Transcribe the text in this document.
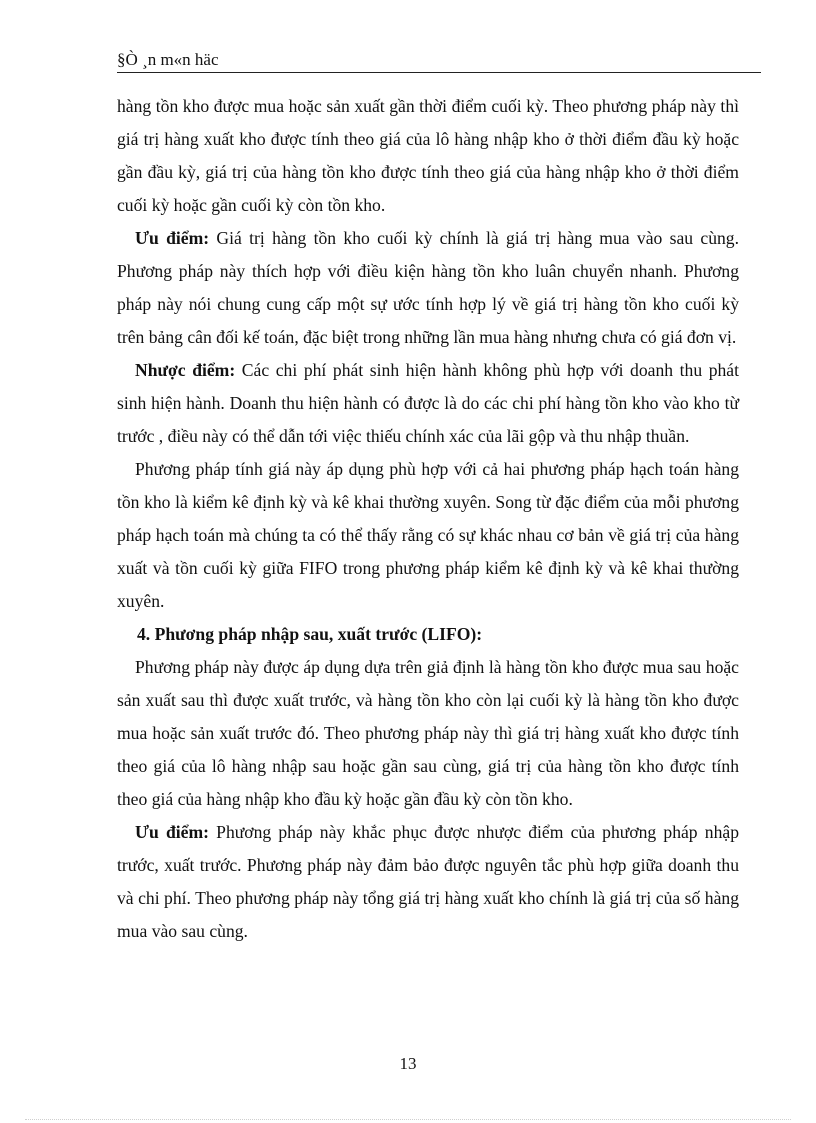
§Ò ¸n m«n häc

hàng tồn kho được mua hoặc sản xuất gần thời điểm cuối kỳ. Theo phương pháp này thì giá trị hàng xuất kho được tính theo giá của lô hàng nhập kho ở thời điểm đầu kỳ hoặc gần đầu kỳ, giá trị của hàng tồn kho được tính theo giá của hàng nhập kho ở thời điểm cuối kỳ hoặc gần cuối kỳ còn tồn kho.

Ưu điểm: Giá trị hàng tồn kho cuối kỳ chính là giá trị hàng mua vào sau cùng. Phương pháp này thích hợp với điều kiện hàng tồn kho luân chuyển nhanh. Phương pháp này nói chung cung cấp một sự ước tính hợp lý về giá trị hàng tồn kho cuối kỳ trên bảng cân đối kế toán, đặc biệt trong những lần mua hàng nhưng chưa có giá đơn vị.

Nhược điểm: Các chi phí phát sinh hiện hành không phù hợp với doanh thu phát sinh hiện hành. Doanh thu hiện hành có được là do các chi phí hàng tồn kho vào kho từ trước , điều này có thể dẫn tới việc thiếu chính xác của lãi gộp và thu nhập thuần.

Phương pháp tính giá này áp dụng phù hợp với cả hai phương pháp hạch toán hàng tồn kho là kiểm kê định kỳ và kê khai thường xuyên. Song từ đặc điểm của mỗi phương pháp hạch toán mà chúng ta có thể thấy rằng có sự khác nhau cơ bản về giá trị của hàng xuất và tồn cuối kỳ giữa FIFO trong phương pháp kiểm kê định kỳ và kê khai thường xuyên.

4. Phương pháp nhập sau, xuất trước (LIFO):

Phương pháp này được áp dụng dựa trên giả định là hàng tồn kho được mua sau hoặc sản xuất sau thì được xuất trước, và hàng tồn kho còn lại cuối kỳ là hàng tồn kho được mua hoặc sản xuất trước đó. Theo phương pháp này thì giá trị hàng xuất kho được tính theo giá của lô hàng nhập sau hoặc gần sau cùng, giá trị của hàng tồn kho được tính theo giá của hàng nhập kho đầu kỳ hoặc gần đầu kỳ còn tồn kho.

Ưu điểm: Phương pháp này khắc phục được nhược điểm của phương pháp nhập trước, xuất trước. Phương pháp này đảm bảo được nguyên tắc phù hợp giữa doanh thu và chi phí. Theo phương pháp này tổng giá trị hàng xuất kho chính là giá trị của số hàng mua vào sau cùng.

13
